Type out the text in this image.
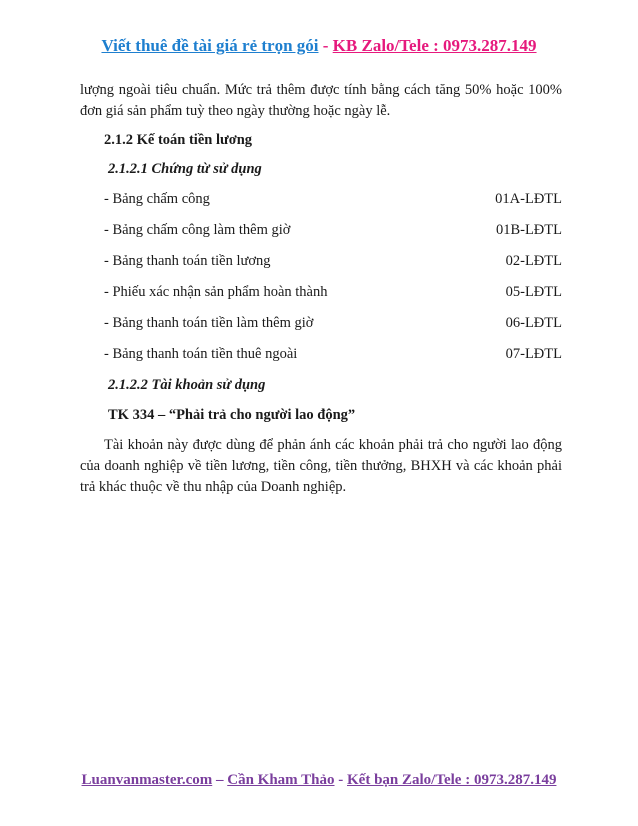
Viết thuê đề tài giá rẻ trọn gói - KB Zalo/Tele : 0973.287.149

lượng ngoài tiêu chuẩn. Mức trả thêm được tính bằng cách tăng 50% hoặc 100% đơn giá sản phẩm tuỳ theo ngày thường hoặc ngày lễ.

2.1.2 Kế toán tiền lương

2.1.2.1 Chứng từ sử dụng

- Bảng chấm công	01A-LĐTL
- Bảng chấm công làm thêm giờ	01B-LĐTL
- Bảng thanh toán tiền lương	02-LĐTL
- Phiếu xác nhận sản phẩm hoàn thành	05-LĐTL
- Bảng thanh toán tiền làm thêm giờ	06-LĐTL
- Bảng thanh toán tiền thuê ngoài	07-LĐTL

2.1.2.2 Tài khoản sử dụng

TK 334 – “Phải trả cho người lao động”

Tài khoản này được dùng để phản ánh các khoản phải trả cho người lao động của doanh nghiệp về tiền lương, tiền công, tiền thưởng, BHXH và các khoản phải trả khác thuộc về thu nhập của Doanh nghiệp.

Luanvanmaster.com – Cần Kham Thảo - Kết bạn Zalo/Tele : 0973.287.149
